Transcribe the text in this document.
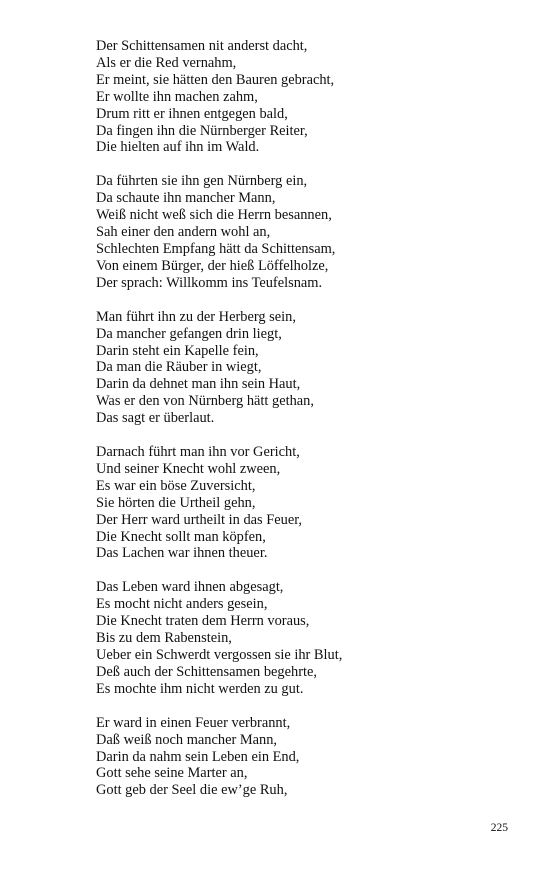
Der Schittensamen nit anderst dacht,
Als er die Red vernahm,
Er meint, sie hätten den Bauren gebracht,
Er wollte ihn machen zahm,
Drum ritt er ihnen entgegen bald,
Da fingen ihn die Nürnberger Reiter,
Die hielten auf ihn im Wald.
Da führten sie ihn gen Nürnberg ein,
Da schaute ihn mancher Mann,
Weiß nicht weß sich die Herrn besannen,
Sah einer den andern wohl an,
Schlechten Empfang hätt da Schittensam,
Von einem Bürger, der hieß Löffelholze,
Der sprach: Willkomm ins Teufelsnam.
Man führt ihn zu der Herberg sein,
Da mancher gefangen drin liegt,
Darin steht ein Kapelle fein,
Da man die Räuber in wiegt,
Darin da dehnet man ihn sein Haut,
Was er den von Nürnberg hätt gethan,
Das sagt er überlaut.
Darnach führt man ihn vor Gericht,
Und seiner Knecht wohl zween,
Es war ein böse Zuversicht,
Sie hörten die Urtheil gehn,
Der Herr ward urtheilt in das Feuer,
Die Knecht sollt man köpfen,
Das Lachen war ihnen theuer.
Das Leben ward ihnen abgesagt,
Es mocht nicht anders gesein,
Die Knecht traten dem Herrn voraus,
Bis zu dem Rabenstein,
Ueber ein Schwerdt vergossen sie ihr Blut,
Deß auch der Schittensamen begehrte,
Es mochte ihm nicht werden zu gut.
Er ward in einen Feuer verbrannt,
Daß weiß noch mancher Mann,
Darin da nahm sein Leben ein End,
Gott sehe seine Marter an,
Gott geb der Seel die ew’ge Ruh,
225
